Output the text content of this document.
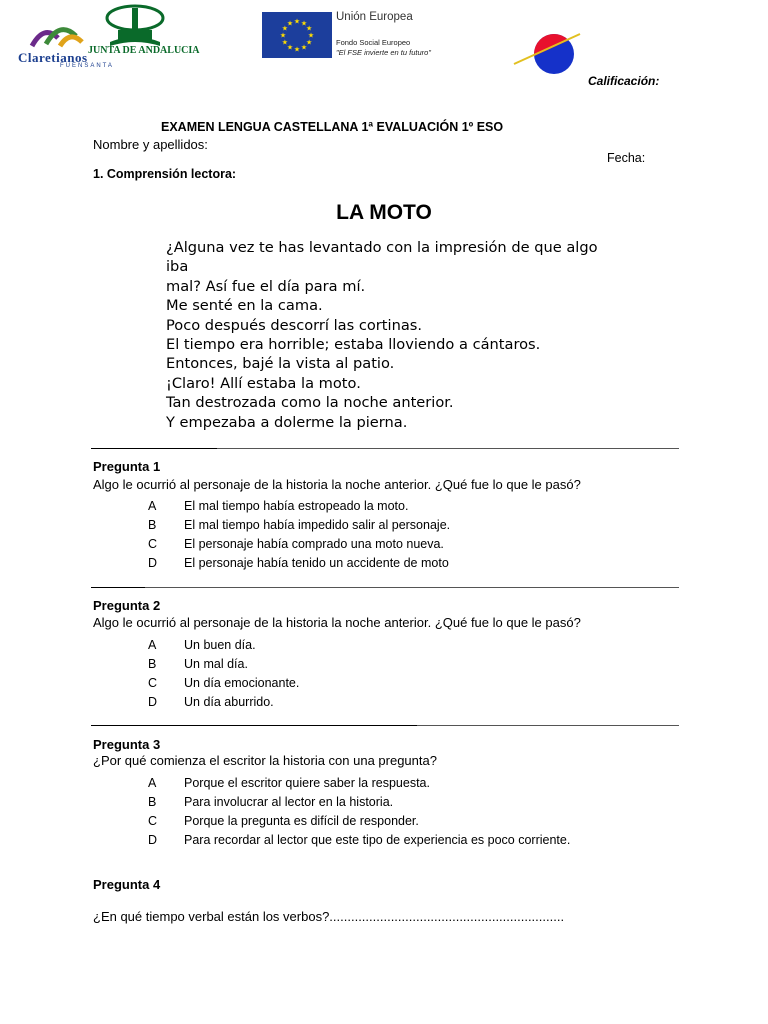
Claretianos
FUENSANTA
JUNTA DE ANDALUCIA
★ ★
★
★
★
★
★
★
★
★
★
★
Unión Europea
Fondo Social Europeo
"El FSE invierte en tu futuro"
Calificación:
EXAMEN LENGUA CASTELLANA 1ª EVALUACIÓN 1º ESO
Nombre y apellidos:
Fecha:
1. Comprensión lectora:
LA MOTO
¿Alguna vez te has levantado con la impresión de que algo
iba
mal? Así fue el día para mí.
Me senté en la cama.
Poco después descorrí las cortinas.
El tiempo era horrible; estaba lloviendo a cántaros.
Entonces, bajé la vista al patio.
¡Claro! Allí estaba la moto.
Tan destrozada como la noche anterior.
Y empezaba a dolerme la pierna.
Pregunta 1
Algo le ocurrió al personaje de la historia la noche anterior. ¿Qué fue lo que le pasó?
A El mal tiempo había estropeado la moto.
B El mal tiempo había impedido salir al personaje.
C El personaje había comprado una moto nueva.
D El personaje había tenido un accidente de moto
Pregunta 2
Algo le ocurrió al personaje de la historia la noche anterior. ¿Qué fue lo que le pasó?
A Un buen día.
B Un mal día.
C Un día emocionante.
D Un día aburrido.
Pregunta 3
¿Por qué comienza el escritor la historia con una pregunta?
A Porque el escritor quiere saber la respuesta.
B Para involucrar al lector en la historia.
C Porque la pregunta es difícil de responder.
D Para recordar al lector que este tipo de experiencia es poco corriente.
Pregunta 4
¿En qué tiempo verbal están los verbos?.................................................................
